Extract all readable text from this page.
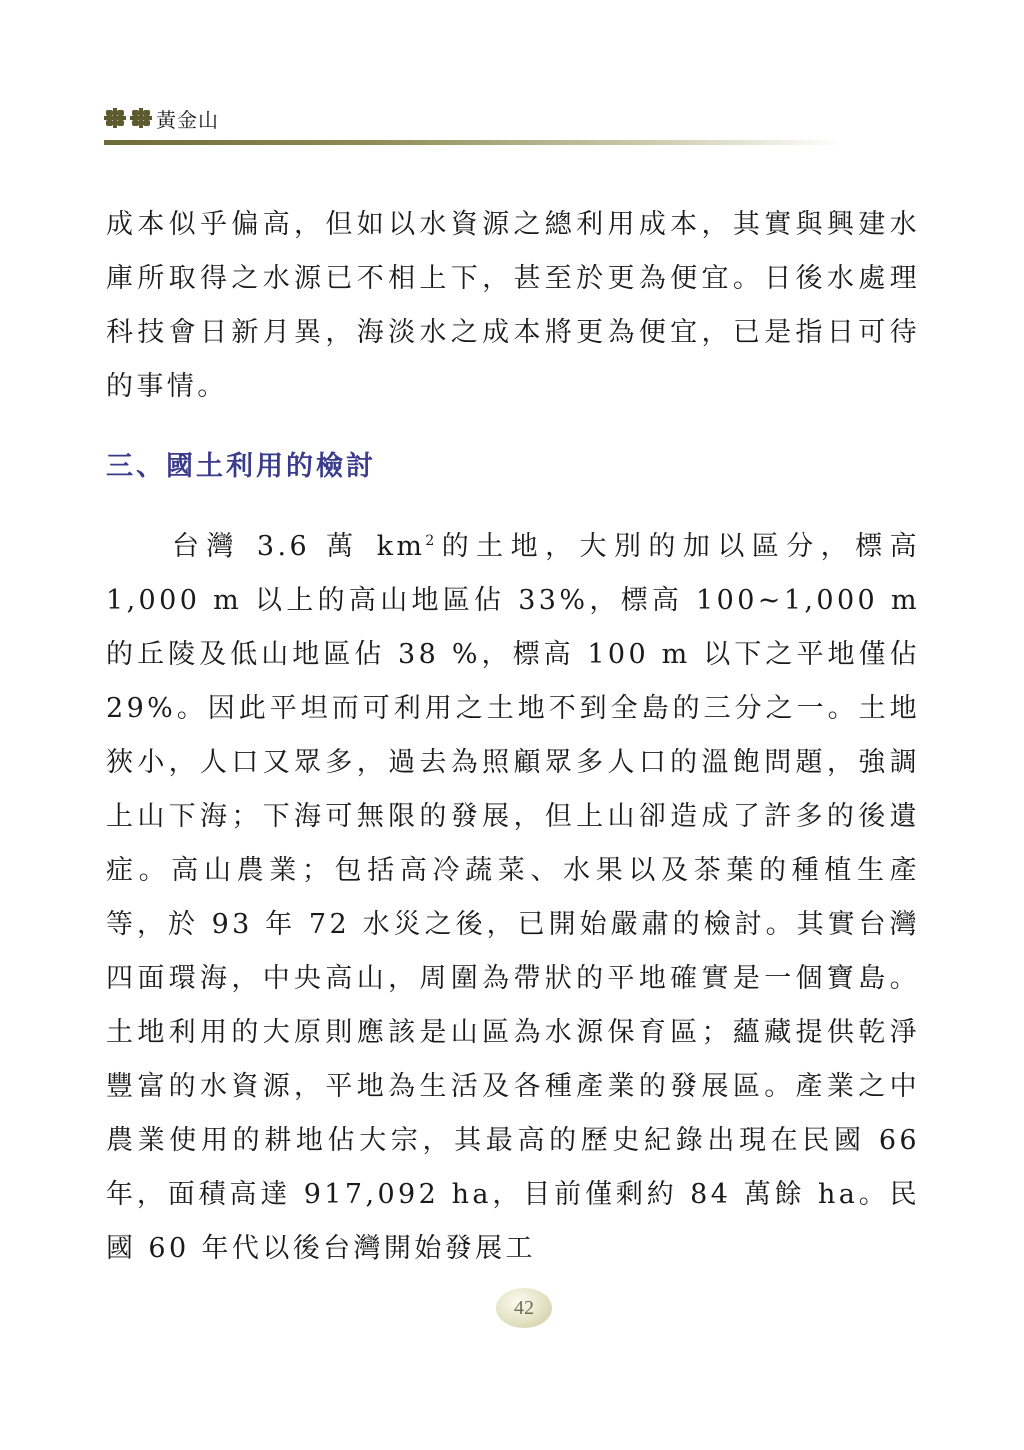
黃金山

成本似乎偏高，但如以水資源之總利用成本，其實與興建水庫所取得之水源已不相上下，甚至於更為便宜。日後水處理科技會日新月異，海淡水之成本將更為便宜，已是指日可待的事情。

三、國土利用的檢討

台灣 3.6 萬 $km^2$的土地，大別的加以區分，標高 1,000 m 以上的高山地區佔 33%，標高 100~1,000 m 的丘陵及低山地區佔 38 %，標高 100 m 以下之平地僅佔 29%。因此平坦而可利用之土地不到全島的三分之一。土地狹小，人口又眾多，過去為照顧眾多人口的溫飽問題，強調上山下海；下海可無限的發展，但上山卻造成了許多的後遺症。高山農業；包括高冷蔬菜、水果以及茶葉的種植生產等，於 93 年 72 水災之後，已開始嚴肅的檢討。其實台灣四面環海，中央高山，周圍為帶狀的平地確實是一個寶島。土地利用的大原則應該是山區為水源保育區；蘊藏提供乾淨豐富的水資源，平地為生活及各種產業的發展區。產業之中農業使用的耕地佔大宗，其最高的歷史紀錄出現在民國 66 年，面積高達 917,092 ha，目前僅剩約 84 萬餘 ha。民國 60 年代以後台灣開始發展工

42
